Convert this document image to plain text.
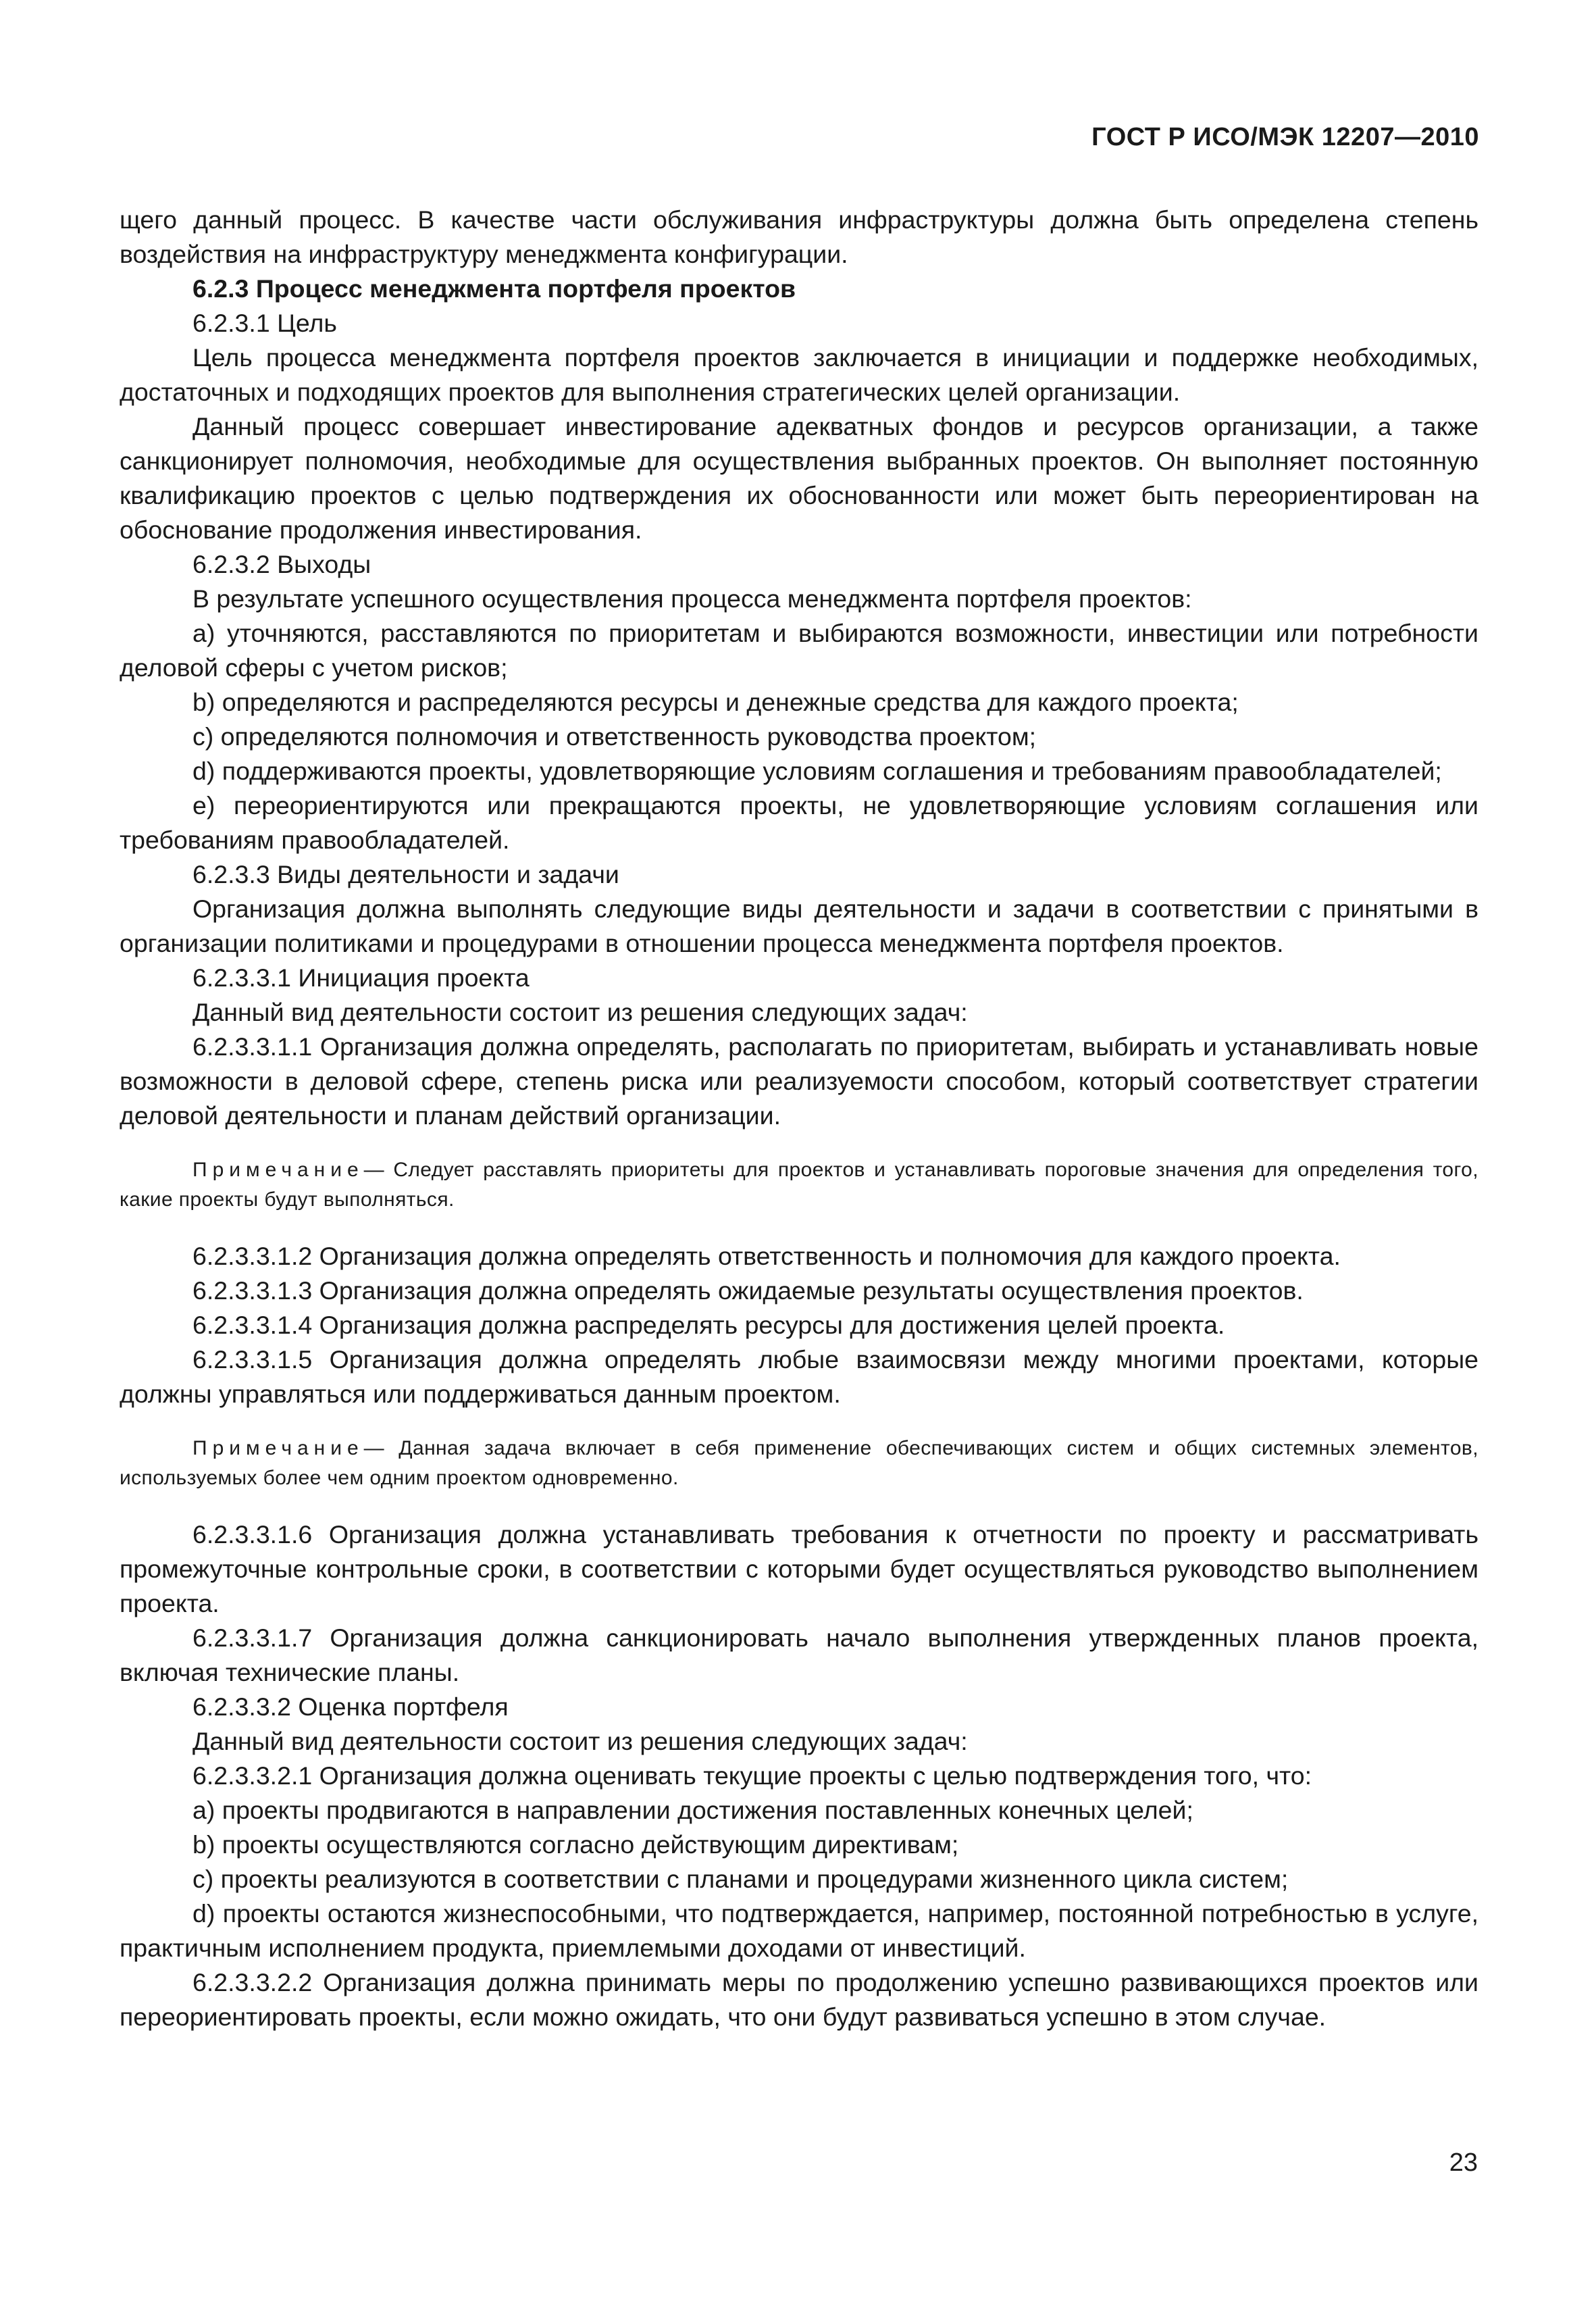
ГОСТ Р ИСО/МЭК 12207—2010

щего данный процесс. В качестве части обслуживания инфраструктуры должна быть определена степень воздействия на инфраструктуру менеджмента конфигурации.

6.2.3 Процесс менеджмента портфеля проектов

6.2.3.1 Цель

Цель процесса менеджмента портфеля проектов заключается в инициации и поддержке необходимых, достаточных и подходящих проектов для выполнения стратегических целей организации.

Данный процесс совершает инвестирование адекватных фондов и ресурсов организации, а также санкционирует полномочия, необходимые для осуществления выбранных проектов. Он выполняет постоянную квалификацию проектов с целью подтверждения их обоснованности или может быть переориентирован на обоснование продолжения инвестирования.

6.2.3.2 Выходы

В результате успешного осуществления процесса менеджмента портфеля проектов:

а) уточняются, расставляются по приоритетам и выбираются возможности, инвестиции или потребности деловой сферы с учетом рисков;

b) определяются и распределяются ресурсы и денежные средства для каждого проекта;

c) определяются полномочия и ответственность руководства проектом;

d) поддерживаются проекты, удовлетворяющие условиям соглашения и требованиям правообладателей;

e) переориентируются или прекращаются проекты, не удовлетворяющие условиям соглашения или требованиям правообладателей.

6.2.3.3 Виды деятельности и задачи

Организация должна выполнять следующие виды деятельности и задачи в соответствии с принятыми в организации политиками и процедурами в отношении процесса менеджмента портфеля проектов.

6.2.3.3.1 Инициация проекта

Данный вид деятельности состоит из решения следующих задач:

6.2.3.3.1.1 Организация должна определять, располагать по приоритетам, выбирать и устанавливать новые возможности в деловой сфере, степень риска или реализуемости способом, который соответствует стратегии деловой деятельности и планам действий организации.

Примечание— Следует расставлять приоритеты для проектов и устанавливать пороговые значения для определения того, какие проекты будут выполняться.

6.2.3.3.1.2 Организация должна определять ответственность и полномочия для каждого проекта.

6.2.3.3.1.3 Организация должна определять ожидаемые результаты осуществления проектов.

6.2.3.3.1.4 Организация должна распределять ресурсы для достижения целей проекта.

6.2.3.3.1.5 Организация должна определять любые взаимосвязи между многими проектами, которые должны управляться или поддерживаться данным проектом.

Примечание— Данная задача включает в себя применение обеспечивающих систем и общих системных элементов, используемых более чем одним проектом одновременно.

6.2.3.3.1.6 Организация должна устанавливать требования к отчетности по проекту и рассматривать промежуточные контрольные сроки, в соответствии с которыми будет осуществляться руководство выполнением проекта.

6.2.3.3.1.7 Организация должна санкционировать начало выполнения утвержденных планов проекта, включая технические планы.

6.2.3.3.2 Оценка портфеля

Данный вид деятельности состоит из решения следующих задач:

6.2.3.3.2.1 Организация должна оценивать текущие проекты с целью подтверждения того, что:

а) проекты продвигаются в направлении достижения поставленных конечных целей;

b) проекты осуществляются согласно действующим директивам;

c) проекты реализуются в соответствии с планами и процедурами жизненного цикла систем;

d) проекты остаются жизнеспособными, что подтверждается, например, постоянной потребностью в услуге, практичным исполнением продукта, приемлемыми доходами от инвестиций.

6.2.3.3.2.2 Организация должна принимать меры по продолжению успешно развивающихся проектов или переориентировать проекты, если можно ожидать, что они будут развиваться успешно в этом случае.

23
